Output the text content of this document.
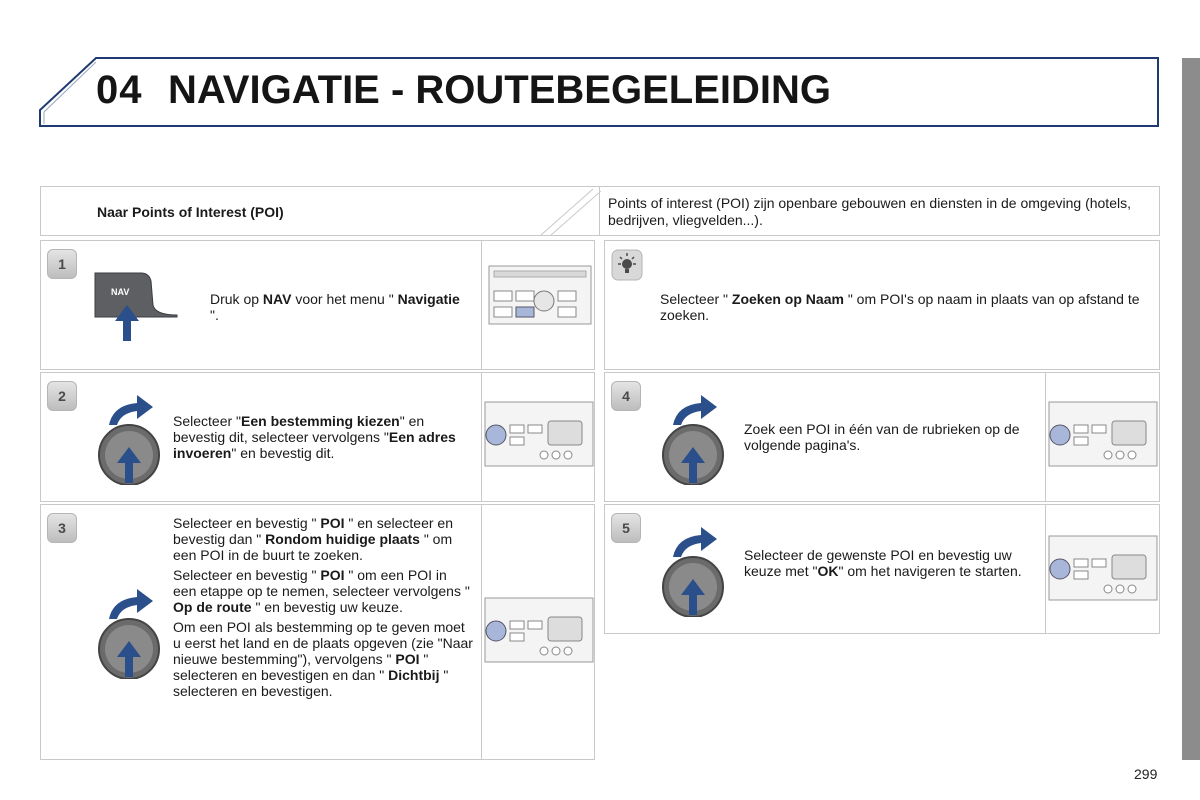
04 NAVIGATIE - ROUTEBEGELEIDING
Naar Points of Interest (POI)
Points of interest (POI) zijn openbare gebouwen en diensten in de omgeving (hotels, bedrijven, vliegvelden...).
1
NAV	Druk op NAV voor het menu " Navigatie ".

2

Selecteer "Een bestemming kiezen" en bevestig dit, selecteer vervolgens "Een adres invoeren" en bevestig dit.

3	Selecteer en bevestig " POI " en selecteer en bevestig dan " Rondom huidige plaats " om een POI in de buurt te zoeken.

Selecteer en bevestig " POI " om een POI in een etappe op te nemen, selecteer vervolgens " Op de route " en bevestig uw keuze.

Om een POI als bestemming op te geven moet u eerst het land en de plaats opgeven (zie "Naar nieuwe bestemming"), vervolgens " POI " selecteren en bevestigen en dan " Dichtbij " selecteren en bevestigen.

Selecteer " Zoeken op Naam " om POI's op naam in plaats van op afstand te zoeken.

4

Zoek een POI in één van de rubrieken op de volgende pagina's.

5

Selecteer de gewenste POI en bevestig uw keuze met "OK" om het navigeren te starten.

299
